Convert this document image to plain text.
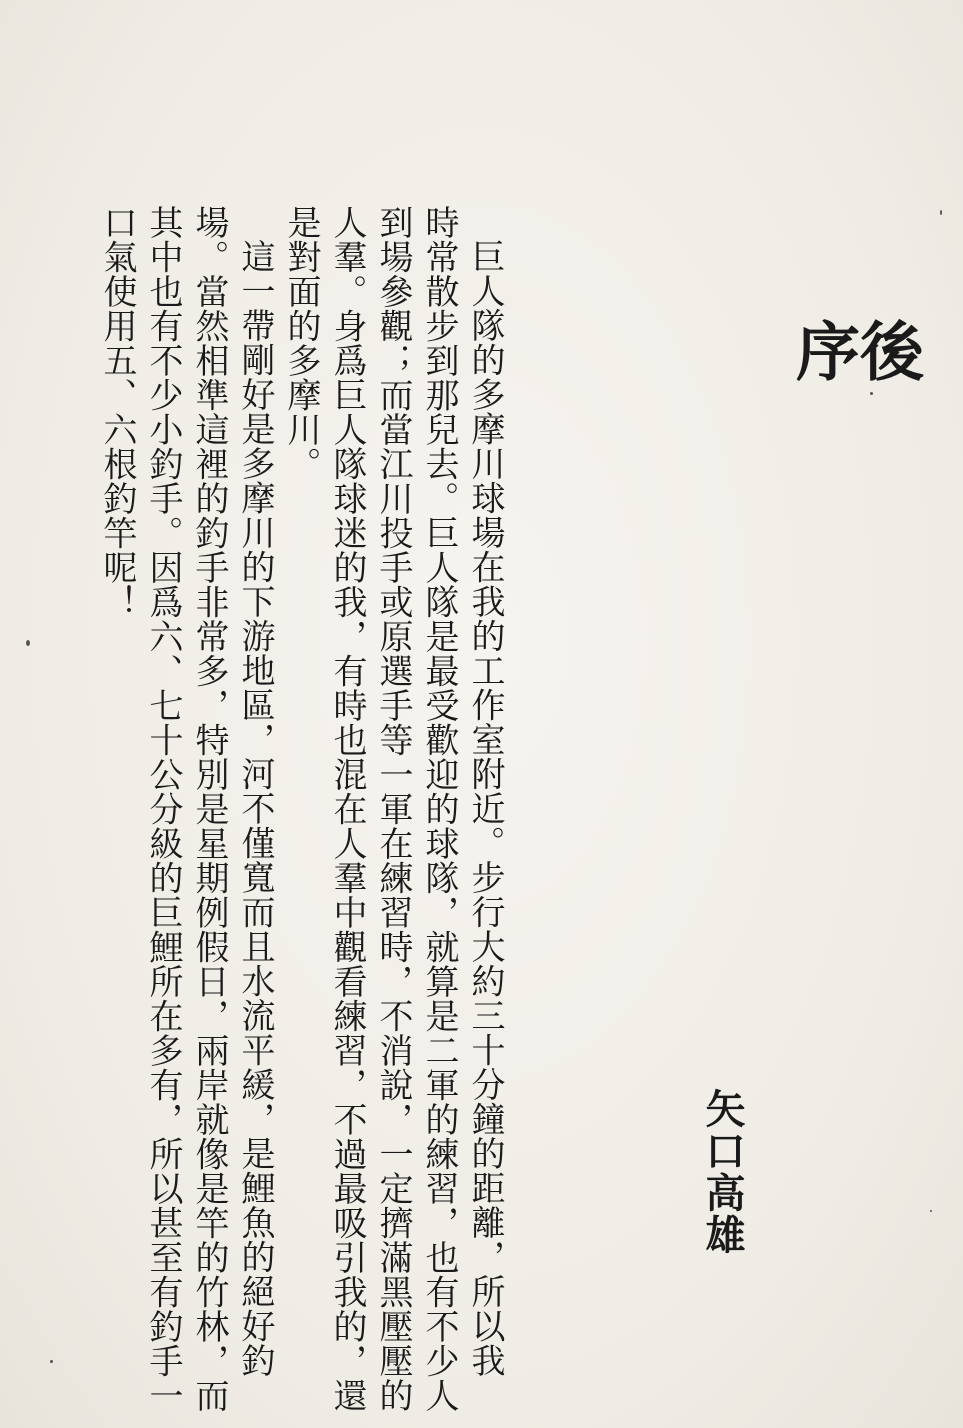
後
序
矢口高雄
巨人隊的多摩川球場在我的工作室附近。步行大約三十分鐘的距離，所以我
時常散步到那兒去。巨人隊是最受歡迎的球隊，就算是二軍的練習，也有不少人
到場參觀；而當江川投手或原選手等一軍在練習時，不消說，一定擠滿黑壓壓的
人羣。身爲巨人隊球迷的我，有時也混在人羣中觀看練習，不過最吸引我的，還
是對面的多摩川。
這一帶剛好是多摩川的下游地區，河不僅寬而且水流平緩，是鯉魚的絕好釣
場。當然相準這裡的釣手非常多，特別是星期例假日，兩岸就像是竿的竹林，而
其中也有不少小釣手。因爲六、七十公分級的巨鯉所在多有，所以甚至有釣手一
口氣使用五、六根釣竿呢！
